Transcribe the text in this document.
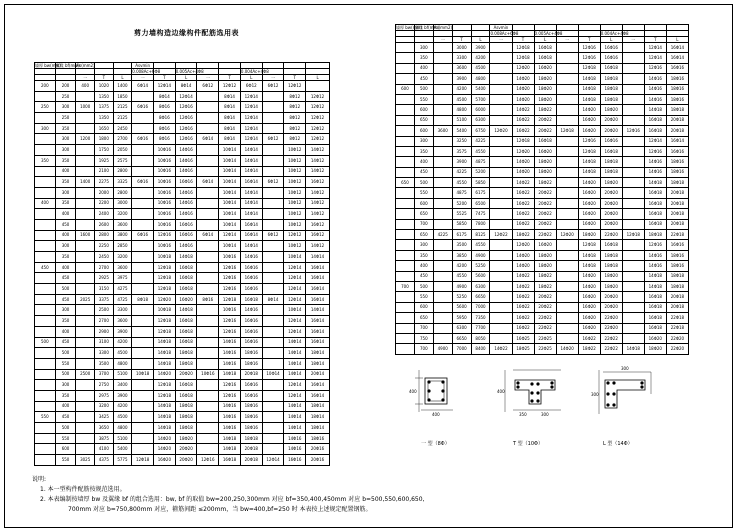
剪力墙构造边缘构件配筋选用表
墙厚 bw(mm)	翼缘 bf(mm)	As(mm2)			Asvmin								
					0.008Ac+6Φ8		0.005Ac+4Φ8			0.004Ac+4Φ8			
		一	T	L	一	T	L	一	T	L	一	T	L
200	200	400	1020	1400	6Φ14	12Φ14	8Φ14	6Φ12	12Φ12	6Φ12	6Φ12	12Φ12	
	250		1350	1850		8Φ14	12Φ14		8Φ14	12Φ14		8Φ12	12Φ12
250	300	1000	1375	2125	6Φ16	8Φ16	12Φ16		8Φ14	12Φ14		8Φ12	12Φ12
	250		1350	2125		8Φ16	12Φ16		8Φ14	12Φ14		8Φ12	12Φ12
300	350		1650	2450		8Φ16	12Φ16		8Φ14	12Φ14		8Φ12	12Φ12
	300	1200	1800	2700	6Φ16	8Φ16	12Φ16	6Φ14	8Φ14	12Φ14	6Φ12	8Φ12	12Φ12
	300		1750	2050		10Φ16	14Φ16		10Φ14	14Φ14		10Φ12	14Φ12
350	350		1925	2575		10Φ16	14Φ16		10Φ14	14Φ14		10Φ12	14Φ12
	400		2100	2800		10Φ16	14Φ16		10Φ14	14Φ14		10Φ12	14Φ12
	350	1400	2275	3325	6Φ16	10Φ16	16Φ16	6Φ14	10Φ14	16Φ14	6Φ12	10Φ12	16Φ12
	300		2000	2800		10Φ16	14Φ16		10Φ14	14Φ14		10Φ12	14Φ12
400	350		2200	3000		10Φ16	14Φ16		10Φ14	14Φ14		10Φ12	14Φ12
	400		2400	3200		10Φ16	14Φ16		10Φ14	14Φ14		10Φ12	14Φ12
	450		2600	3600		10Φ16	16Φ16		10Φ14	16Φ14		10Φ12	16Φ12
	400	1600	2800	3800	6Φ16	12Φ16	16Φ16	6Φ14	12Φ14	16Φ14	6Φ12	12Φ12	16Φ12
	300		2250	2850		10Φ16	14Φ16		10Φ14	14Φ14		10Φ12	14Φ12
	350		2450	3200		10Φ18	14Φ18		10Φ16	14Φ16		10Φ14	14Φ14
450	400		2700	3600		12Φ18	16Φ18		12Φ16	16Φ16		12Φ14	16Φ14
	450		2925	3975		12Φ18	16Φ18		12Φ16	16Φ16		12Φ14	16Φ14
	500		3150	4275		12Φ18	16Φ18		12Φ16	16Φ16		12Φ14	16Φ14
	450	2025	3375	4725	8Φ18	12Φ20	16Φ20	8Φ16	12Φ18	16Φ18	8Φ14	12Φ14	16Φ14
	300		2500	3300		10Φ18	14Φ18		10Φ16	14Φ16		10Φ14	14Φ14
	350		2700	3600		12Φ18	16Φ18		12Φ16	16Φ16		12Φ14	16Φ14
	400		2900	3900		12Φ18	16Φ18		12Φ16	16Φ16		12Φ14	16Φ14
500	450		3100	4200		14Φ18	16Φ18		14Φ16	16Φ16		14Φ14	16Φ14
	500		3300	4500		14Φ18	18Φ18		14Φ16	18Φ16		14Φ14	18Φ14
	550		3500	4800		14Φ18	18Φ18		14Φ16	18Φ16		14Φ14	18Φ14
	500	2500	3700	5100	10Φ18	14Φ20	20Φ20	10Φ16	14Φ18	20Φ18	10Φ14	14Φ14	20Φ14
	300		2750	3400		12Φ18	16Φ18		12Φ16	16Φ16		12Φ14	16Φ14
	350		2975	3900		12Φ18	16Φ18		12Φ16	16Φ16		12Φ14	16Φ14
	400		3200	4200		14Φ18	18Φ18		14Φ16	18Φ16		14Φ14	18Φ14
550	450		3425	4500		14Φ18	18Φ18		14Φ16	18Φ16		14Φ14	18Φ14
	500		3650	4800		14Φ18	18Φ18		14Φ16	18Φ16		14Φ14	18Φ14
	550		3875	5100		14Φ20	18Φ20		14Φ18	18Φ18		14Φ16	18Φ16
	600		4100	5400		14Φ20	20Φ20		14Φ18	20Φ18		14Φ16	20Φ16
	550	3025	4375	5775	12Φ18	16Φ20	20Φ20	12Φ16	16Φ18	20Φ18	12Φ14	16Φ16	20Φ16
墙厚 bw(mm)	翼缘 bf(mm)	As(mm2)			Asvmin								
					0.008Ac+6Φ8		0.005Ac+4Φ8			0.004Ac+4Φ8			
		一	T	L	一	T	L	一	T	L	一	T	L
	300		3000	3900		12Φ18	16Φ18		12Φ16	16Φ16		12Φ14	16Φ14
	350		3300	4200		12Φ18	16Φ18		12Φ16	16Φ16		12Φ14	16Φ14
	400		3600	4500		12Φ20	16Φ20		12Φ18	16Φ18		12Φ16	16Φ16
	450		3900	4800		14Φ20	18Φ20		14Φ18	18Φ18		14Φ16	18Φ16
600	500		4200	5400		14Φ20	18Φ20		14Φ18	18Φ18		14Φ16	18Φ16
	550		4500	5700		14Φ20	18Φ20		14Φ18	18Φ18		14Φ16	18Φ16
	600		4800	6000		14Φ22	18Φ22		14Φ20	18Φ20		14Φ18	18Φ18
	650		5100	6300		16Φ22	20Φ22		16Φ20	20Φ20		16Φ18	20Φ18
	600	3600	5400	6750	12Φ20	16Φ22	20Φ22	12Φ18	16Φ20	20Φ20	12Φ16	16Φ18	20Φ18
	300		3250	4225		12Φ18	16Φ18		12Φ16	16Φ16		12Φ14	16Φ14
	350		3575	4550		12Φ20	16Φ20		12Φ18	16Φ18		12Φ16	16Φ16
	400		3900	4875		14Φ20	18Φ20		14Φ18	18Φ18		14Φ16	18Φ16
	450		4225	5200		14Φ20	18Φ20		14Φ18	18Φ18		14Φ16	18Φ16
650	500		4550	5850		14Φ22	18Φ22		14Φ20	18Φ20		14Φ18	18Φ18
	550		4875	6175		16Φ22	20Φ22		16Φ20	20Φ20		16Φ18	20Φ18
	600		5200	6500		16Φ22	20Φ22		16Φ20	20Φ20		16Φ18	20Φ18
	650		5525	7475		16Φ22	20Φ22		16Φ20	20Φ20		16Φ18	20Φ18
	700		5850	7800		16Φ22	20Φ22		16Φ20	20Φ20		16Φ18	20Φ18
	650	4225	6175	8125	12Φ22	18Φ22	22Φ22	12Φ20	18Φ20	22Φ20	12Φ18	18Φ18	22Φ18
	300		3500	4550		12Φ20	16Φ20		12Φ18	16Φ18		12Φ16	16Φ16
	350		3850	4900		14Φ20	18Φ20		14Φ18	18Φ18		14Φ16	18Φ16
	400		4200	5250		14Φ20	18Φ20		14Φ18	18Φ18		14Φ16	18Φ16
	450		4550	5600		14Φ22	18Φ22		14Φ20	18Φ20		14Φ18	18Φ18
700	500		4900	6300		14Φ22	18Φ22		14Φ20	18Φ20		14Φ18	18Φ18
	550		5250	6650		16Φ22	20Φ22		16Φ20	20Φ20		16Φ18	20Φ18
	600		5600	7000		16Φ22	20Φ22		16Φ20	20Φ20		16Φ18	20Φ18
	650		5950	7350		16Φ22	22Φ22		16Φ20	22Φ20		16Φ18	22Φ18
	700		6300	7700		16Φ22	22Φ22		16Φ20	22Φ20		16Φ18	22Φ18
	750		6650	8050		16Φ25	22Φ25		16Φ22	22Φ22		16Φ20	22Φ20
	700	4900	7000	8400	14Φ22	18Φ25	22Φ25	14Φ20	18Φ22	22Φ22	14Φ18	18Φ20	22Φ20
400
400
400
350	300
300
300
一 型（8Φ）	T 型（10Φ）	L 型（14Φ）
说明:
1. 本一型构件配筋按规范选用。
2. 本表编制按墙厚 bw 及翼缘 bf 的组合选用：bw, bf 的取值 bw=200,250,300mm 对应 bf=350,400,450mm 对应 b=500,550,600,650,
700mm 对应 b=750,800mm 对应，箍筋间距 ≤200mm，当 bw=400,bf=250 时 本表按上述规定配置钢筋。
